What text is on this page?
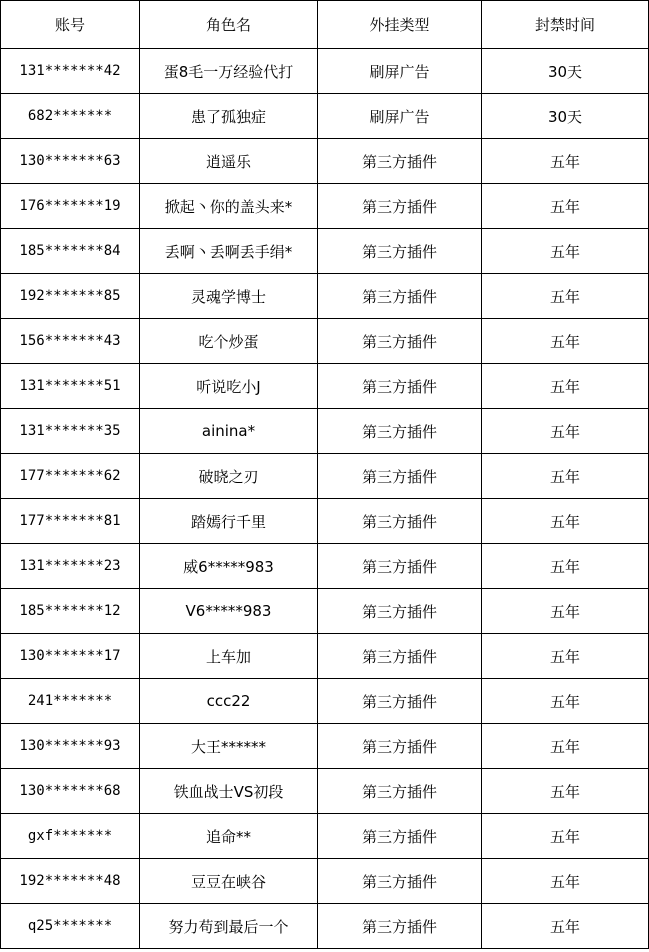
账号	角色名	外挂类型	封禁时间
131*******42	蛋8毛一万经验代打	刷屏广告	30天
682*******	患了孤独症	刷屏广告	30天
130*******63	逍遥乐	第三方插件	五年
176*******19	掀起丶你的盖头来*	第三方插件	五年
185*******84	丢啊丶丢啊丢手绢*	第三方插件	五年
192*******85	灵魂学博士	第三方插件	五年
156*******43	吃个炒蛋	第三方插件	五年
131*******51	听说吃小J	第三方插件	五年
131*******35	ainina*	第三方插件	五年
177*******62	破晓之刃	第三方插件	五年
177*******81	踏嫣行千里	第三方插件	五年
131*******23	威6*****983	第三方插件	五年
185*******12	V6*****983	第三方插件	五年
130*******17	上车加	第三方插件	五年
241*******	ccc22	第三方插件	五年
130*******93	大王******	第三方插件	五年
130*******68	铁血战士VS初段	第三方插件	五年
gxf*******	追命**	第三方插件	五年
192*******48	豆豆在峡谷	第三方插件	五年
q25*******	努力苟到最后一个	第三方插件	五年
